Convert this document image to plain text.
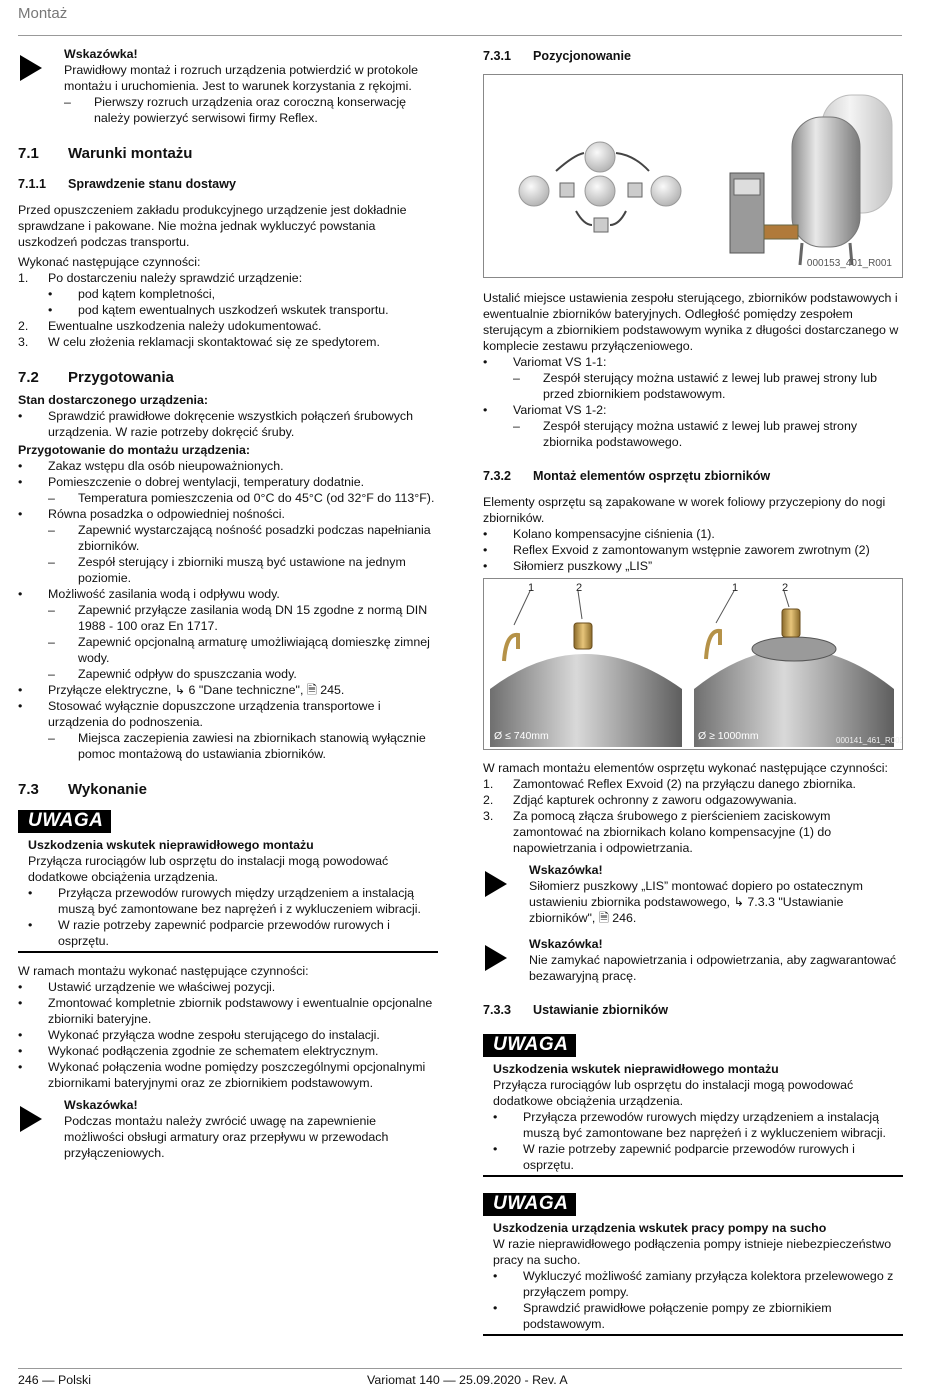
Montaż

Wskazówka!

Prawidłowy montaż i rozruch urządzenia potwierdzić w protokole montażu i uruchomienia. Jest to warunek korzystania z rękojmi.

–	Pierwszy rozruch urządzenia oraz coroczną konserwację należy powierzyć serwisowi firmy Reflex.
7.1	Warunki montażu
7.1.1	Sprawdzenie stanu dostawy

Przed opuszczeniem zakładu produkcyjnego urządzenie jest dokładnie sprawdzane i pakowane. Nie można jednak wykluczyć powstania uszkodzeń podczas transportu.

Wykonać następujące czynności:

1.	Po dostarczeniu należy sprawdzić urządzenie:
•	pod kątem kompletności,
•	pod kątem ewentualnych uszkodzeń wskutek transportu.
2.	Ewentualne uszkodzenia należy udokumentować.
3.	W celu złożenia reklamacji skontaktować się ze spedytorem.
7.2	Przygotowania

Stan dostarczonego urządzenia:

•	Sprawdzić prawidłowe dokręcenie wszystkich połączeń śrubowych urządzenia. W razie potrzeby dokręcić śruby.

Przygotowanie do montażu urządzenia:

•	Zakaz wstępu dla osób nieupoważnionych.
•	Pomieszczenie o dobrej wentylacji, temperatury dodatnie.
–	Temperatura pomieszczenia od 0°C do 45°C (od 32°F do 113°F).
•	Równa posadzka o odpowiedniej nośności.
–	Zapewnić wystarczającą nośność posadzki podczas napełniania zbiorników.
–	Zespół sterujący i zbiorniki muszą być ustawione na jednym poziomie.
•	Możliwość zasilania wodą i odpływu wody.
–	Zapewnić przyłącze zasilania wodą DN 15 zgodne z normą DIN 1988 - 100 oraz En 1717.
–	Zapewnić opcjonalną armaturę umożliwiającą domieszkę zimnej wody.
–	Zapewnić odpływ do spuszczania wody.
•	Przyłącze elektryczne, ↳ 6 "Dane techniczne", 🗎 245.
•	Stosować wyłącznie dopuszczone urządzenia transportowe i urządzenia do podnoszenia.
–	Miejsca zaczepienia zawiesi na zbiornikach stanowią wyłącznie pomoc montażową do ustawiania zbiorników.
7.3	Wykonanie
UWAGA

Uszkodzenia wskutek nieprawidłowego montażu

Przyłącza rurociągów lub osprzętu do instalacji mogą powodować dodatkowe obciążenia urządzenia.

•	Przyłącza przewodów rurowych między urządzeniem a instalacją muszą być zamontowane bez naprężeń i z wykluczeniem wibracji.
•	W razie potrzeby zapewnić podparcie przewodów rurowych i osprzętu.

W ramach montażu wykonać następujące czynności:

•	Ustawić urządzenie we właściwej pozycji.
•	Zmontować kompletnie zbiornik podstawowy i ewentualnie opcjonalne zbiorniki bateryjne.
•	Wykonać przyłącza wodne zespołu sterującego do instalacji.
•	Wykonać podłączenia zgodnie ze schematem elektrycznym.
•	Wykonać połączenia wodne pomiędzy poszczególnymi opcjonalnymi zbiornikami bateryjnymi oraz ze zbiornikiem podstawowym.

Wskazówka!

Podczas montażu należy zwrócić uwagę na zapewnienie możliwości obsługi armatury oraz przepływu w przewodach przyłączeniowych.

7.3.1	Pozycjonowanie
000153_401_R001

Ustalić miejsce ustawienia zespołu sterującego, zbiorników podstawowych i ewentualnie zbiorników bateryjnych. Odległość pomiędzy zespołem sterującym a zbiornikiem podstawowym wynika z długości dostarczanego w komplecie zestawu przyłączeniowego.

•	Variomat VS 1-1:
–	Zespół sterujący można ustawić z lewej lub prawej strony lub przed zbiornikiem podstawowym.
•	Variomat VS 1-2:
–	Zespół sterujący można ustawić z lewej lub prawej strony zbiornika podstawowego.
7.3.2	Montaż elementów osprzętu zbiorników

Elementy osprzętu są zapakowane w worek foliowy przyczepiony do nogi zbiorników.

•	Kolano kompensacyjne ciśnienia (1).
•	Reflex Exvoid z zamontowanym wstępnie zaworem zwrotnym (2)
•	Siłomierz puszkowy „LIS”
1	2	1	2
Ø ≤ 740mm	Ø ≥ 1000mm	000141_461_R002

W ramach montażu elementów osprzętu wykonać następujące czynności:

1.	Zamontować Reflex Exvoid (2) na przyłączu danego zbiornika.
2.	Zdjąć kapturek ochronny z zaworu odgazowywania.
3.	Za pomocą złącza śrubowego z pierścieniem zaciskowym zamontować na zbiornikach kolano kompensacyjne (1) do napowietrzania i odpowietrzania.

Wskazówka!

Siłomierz puszkowy „LIS” montować dopiero po ostatecznym ustawieniu zbiornika podstawowego, ↳ 7.3.3 "Ustawianie zbiorników", 🗎 246.

Wskazówka!

Nie zamykać napowietrzania i odpowietrzania, aby zagwarantować bezawaryjną pracę.

7.3.3	Ustawianie zbiorników
UWAGA

Uszkodzenia wskutek nieprawidłowego montażu

Przyłącza rurociągów lub osprzętu do instalacji mogą powodować dodatkowe obciążenia urządzenia.

•	Przyłącza przewodów rurowych między urządzeniem a instalacją muszą być zamontowane bez naprężeń i z wykluczeniem wibracji.
•	W razie potrzeby zapewnić podparcie przewodów rurowych i osprzętu.
UWAGA

Uszkodzenia urządzenia wskutek pracy pompy na sucho

W razie nieprawidłowego podłączenia pompy istnieje niebezpieczeństwo pracy na sucho.

•	Wykluczyć możliwość zamiany przyłącza kolektora przelewowego z przyłączem pompy.
•	Sprawdzić prawidłowe połączenie pompy ze zbiornikiem podstawowym.
246 — Polski	Variomat 140 — 25.09.2020 - Rev. A
